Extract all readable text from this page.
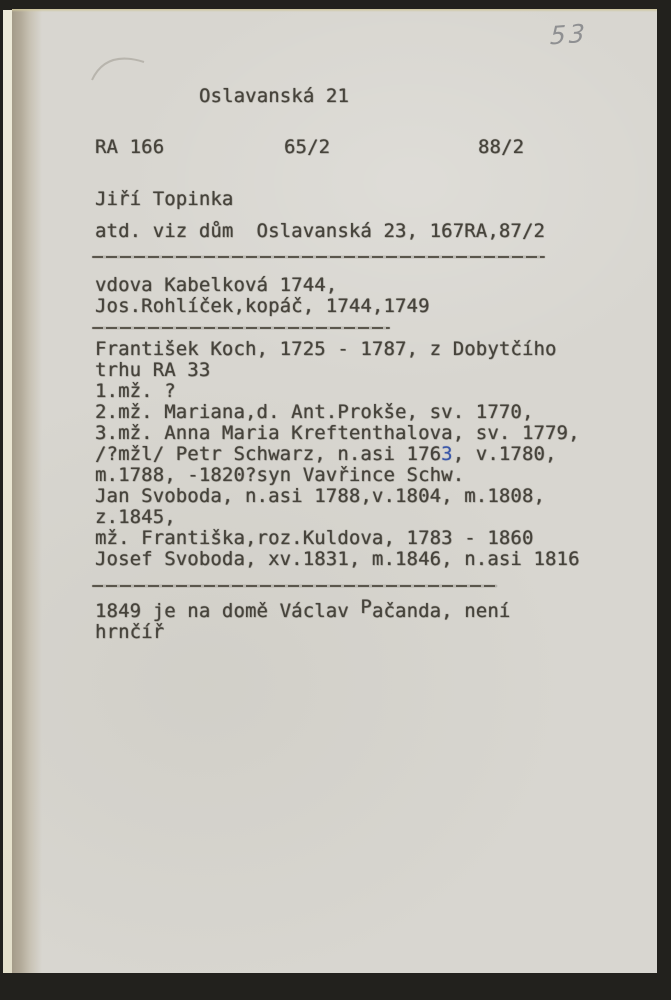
53
Oslavanská 21
RA 166	65/2	88/2
Jiří Topinka
atd. viz dům  Oslavanská 23, 167RA,87/2
vdova Kabelková 1744,
Jos.Rohlíček,kopáč, 1744,1749
František Koch, 1725 - 1787, z Dobytčího
trhu RA 33
1.mž. ?
2.mž. Mariana,d. Ant.Prokše, sv. 1770,
3.mž. Anna Maria Kreftenthalova, sv. 1779,
/?mžl/ Petr Schwarz, n.asi 1763, v.1780,
m.1788, -1820?syn Vavřince Schw.
Jan Svoboda, n.asi 1788,v.1804, m.1808,
z.1845,
mž. Františka,roz.Kuldova, 1783 - 1860
Josef Svoboda, xv.1831, m.1846, n.asi 1816
1849 je na domě Václav Pačanda, není
hrnčíř
